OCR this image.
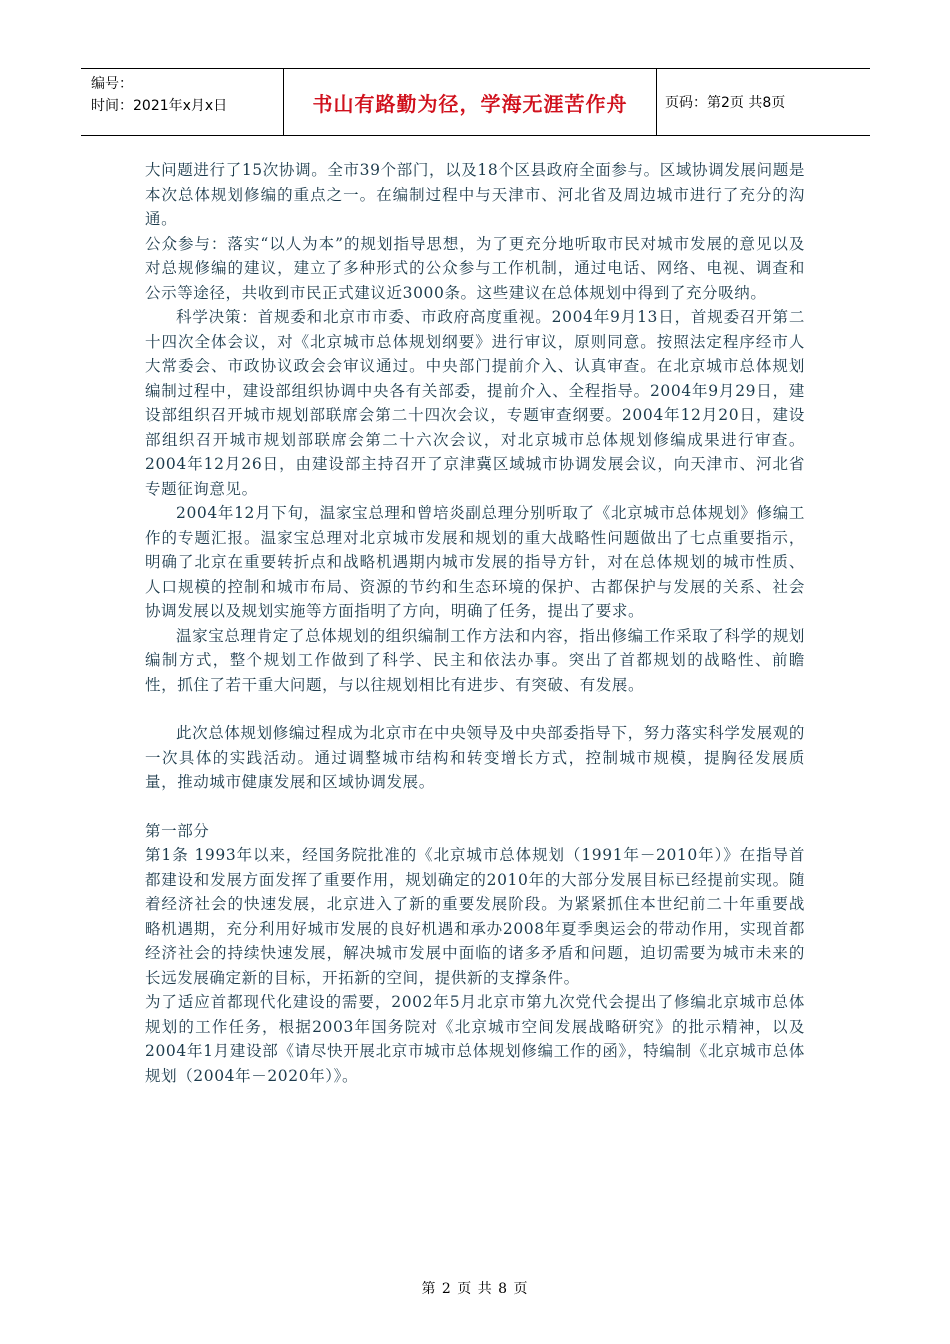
编号：
时间：2021年x月x日	书山有路勤为径，学海无涯苦作舟	页码：第2页 共8页

大问题进行了15次协调。全市39个部门，以及18个区县政府全面参与。区域协调发展问题是本次总体规划修编的重点之一。在编制过程中与天津市、河北省及周边城市进行了充分的沟通。

公众参与：落实“以人为本”的规划指导思想，为了更充分地听取市民对城市发展的意见以及对总规修编的建议，建立了多种形式的公众参与工作机制，通过电话、网络、电视、调查和公示等途径，共收到市民正式建议近3000条。这些建议在总体规划中得到了充分吸纳。

科学决策：首规委和北京市市委、市政府高度重视。2004年9月13日，首规委召开第二十四次全体会议，对《北京城市总体规划纲要》进行审议，原则同意。按照法定程序经市人大常委会、市政协议政会会审议通过。中央部门提前介入、认真审查。在北京城市总体规划编制过程中，建设部组织协调中央各有关部委，提前介入、全程指导。2004年9月29日，建设部组织召开城市规划部联席会第二十四次会议，专题审查纲要。2004年12月20日，建设部组织召开城市规划部联席会第二十六次会议，对北京城市总体规划修编成果进行审查。2004年12月26日，由建设部主持召开了京津冀区域城市协调发展会议，向天津市、河北省专题征询意见。

2004年12月下旬，温家宝总理和曾培炎副总理分别听取了《北京城市总体规划》修编工作的专题汇报。温家宝总理对北京城市发展和规划的重大战略性问题做出了七点重要指示，明确了北京在重要转折点和战略机遇期内城市发展的指导方针，对在总体规划的城市性质、人口规模的控制和城市布局、资源的节约和生态环境的保护、古都保护与发展的关系、社会协调发展以及规划实施等方面指明了方向，明确了任务，提出了要求。

温家宝总理肯定了总体规划的组织编制工作方法和内容，指出修编工作采取了科学的规划编制方式，整个规划工作做到了科学、民主和依法办事。突出了首都规划的战略性、前瞻性，抓住了若干重大问题，与以往规划相比有进步、有突破、有发展。

此次总体规划修编过程成为北京市在中央领导及中央部委指导下，努力落实科学发展观的一次具体的实践活动。通过调整城市结构和转变增长方式，控制城市规模，提胸径发展质量，推动城市健康发展和区域协调发展。

第一部分

第1条 1993年以来，经国务院批准的《北京城市总体规划（1991年－2010年）》在指导首都建设和发展方面发挥了重要作用，规划确定的2010年的大部分发展目标已经提前实现。随着经济社会的快速发展，北京进入了新的重要发展阶段。为紧紧抓住本世纪前二十年重要战略机遇期，充分利用好城市发展的良好机遇和承办2008年夏季奥运会的带动作用，实现首都经济社会的持续快速发展，解决城市发展中面临的诸多矛盾和问题，迫切需要为城市未来的长远发展确定新的目标，开拓新的空间，提供新的支撑条件。

为了适应首都现代化建设的需要，2002年5月北京市第九次党代会提出了修编北京城市总体规划的工作任务，根据2003年国务院对《北京城市空间发展战略研究》的批示精神，以及2004年1月建设部《请尽快开展北京市城市总体规划修编工作的函》，特编制《北京城市总体规划（2004年－2020年）》。

第 2 页 共 8 页
